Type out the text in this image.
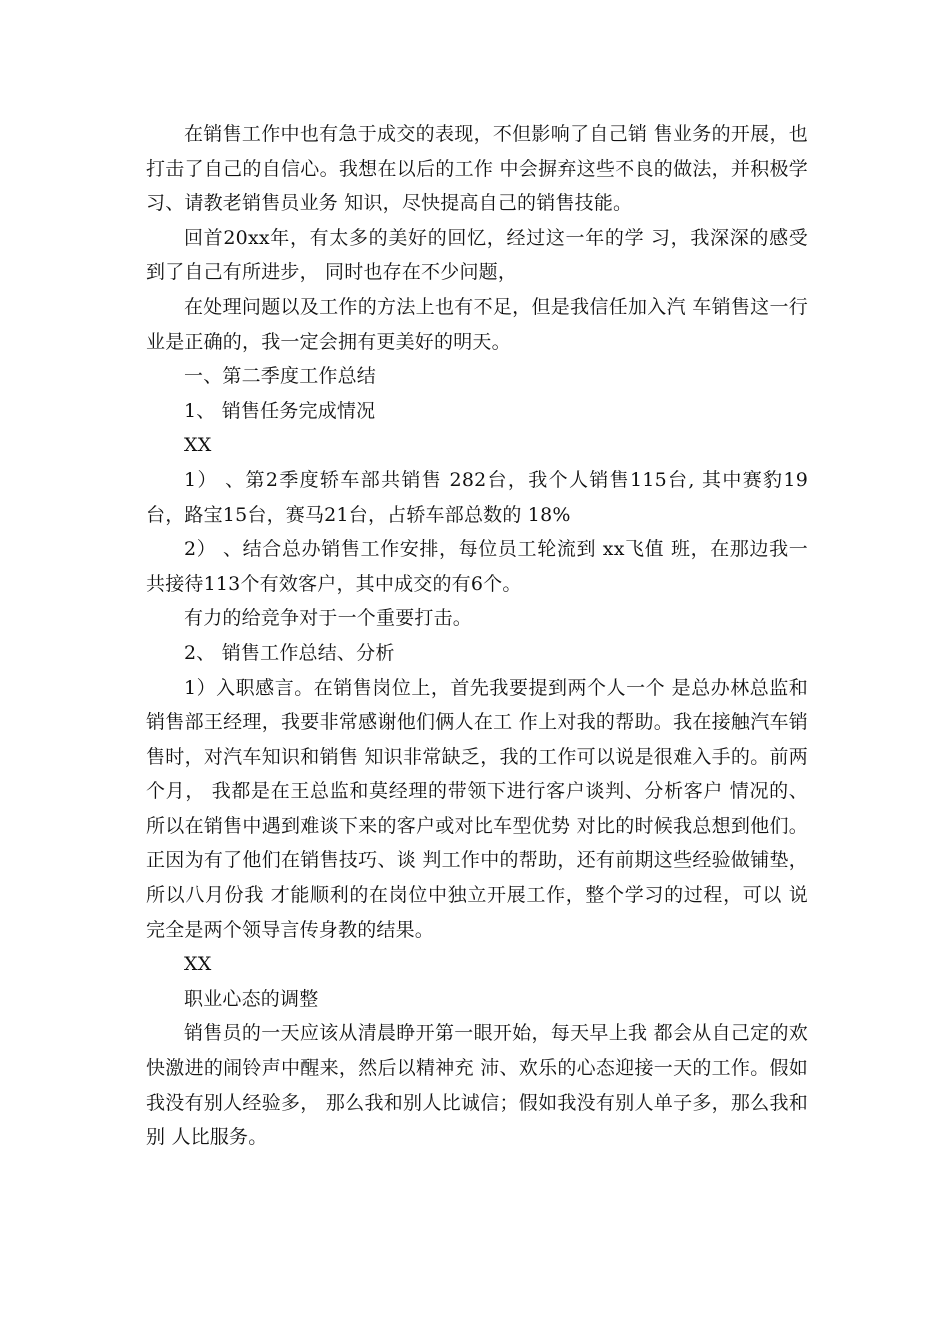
在销售工作中也有急于成交的表现，不但影响了自己销 售业务的开展，也打击了自己的自信心。我想在以后的工作 中会摒弃这些不良的做法，并积极学习、请教老销售员业务 知识，尽快提高自己的销售技能。

回首20xx年，有太多的美好的回忆，经过这一年的学 习，我深深的感受到了自己有所进步， 同时也存在不少问题，

在处理问题以及工作的方法上也有不足，但是我信任加入汽 车销售这一行业是正确的，我一定会拥有更美好的明天。

一、第二季度工作总结

1、 销售任务完成情况

XX

1） 、第2季度轿车部共销售 282台，我个人销售115台, 其中赛豹19台，路宝15台，赛马21台，占轿车部总数的 18%

2） 、结合总办销售工作安排，每位员工轮流到 xx飞值 班，在那边我一共接待113个有效客户，其中成交的有6个。

有力的给竞争对于一个重要打击。

2、 销售工作总结、分析

1）入职感言。在销售岗位上，首先我要提到两个人一个 是总办林总监和销售部王经理，我要非常感谢他们俩人在工 作上对我的帮助。我在接触汽车销售时，对汽车知识和销售 知识非常缺乏，我的工作可以说是很难入手的。前两个月， 我都是在王总监和莫经理的带领下进行客户谈判、分析客户 情况的、所以在销售中遇到难谈下来的客户或对比车型优势 对比的时候我总想到他们。正因为有了他们在销售技巧、谈 判工作中的帮助，还有前期这些经验做铺垫，所以八月份我 才能顺利的在岗位中独立开展工作，整个学习的过程，可以 说完全是两个领导言传身教的结果。

XX

职业心态的调整

销售员的一天应该从清晨睁开第一眼开始，每天早上我 都会从自己定的欢快激进的闹铃声中醒来，然后以精神充 沛、欢乐的心态迎接一天的工作。假如我没有别人经验多， 那么我和别人比诚信；假如我没有别人单子多，那么我和别 人比服务。
